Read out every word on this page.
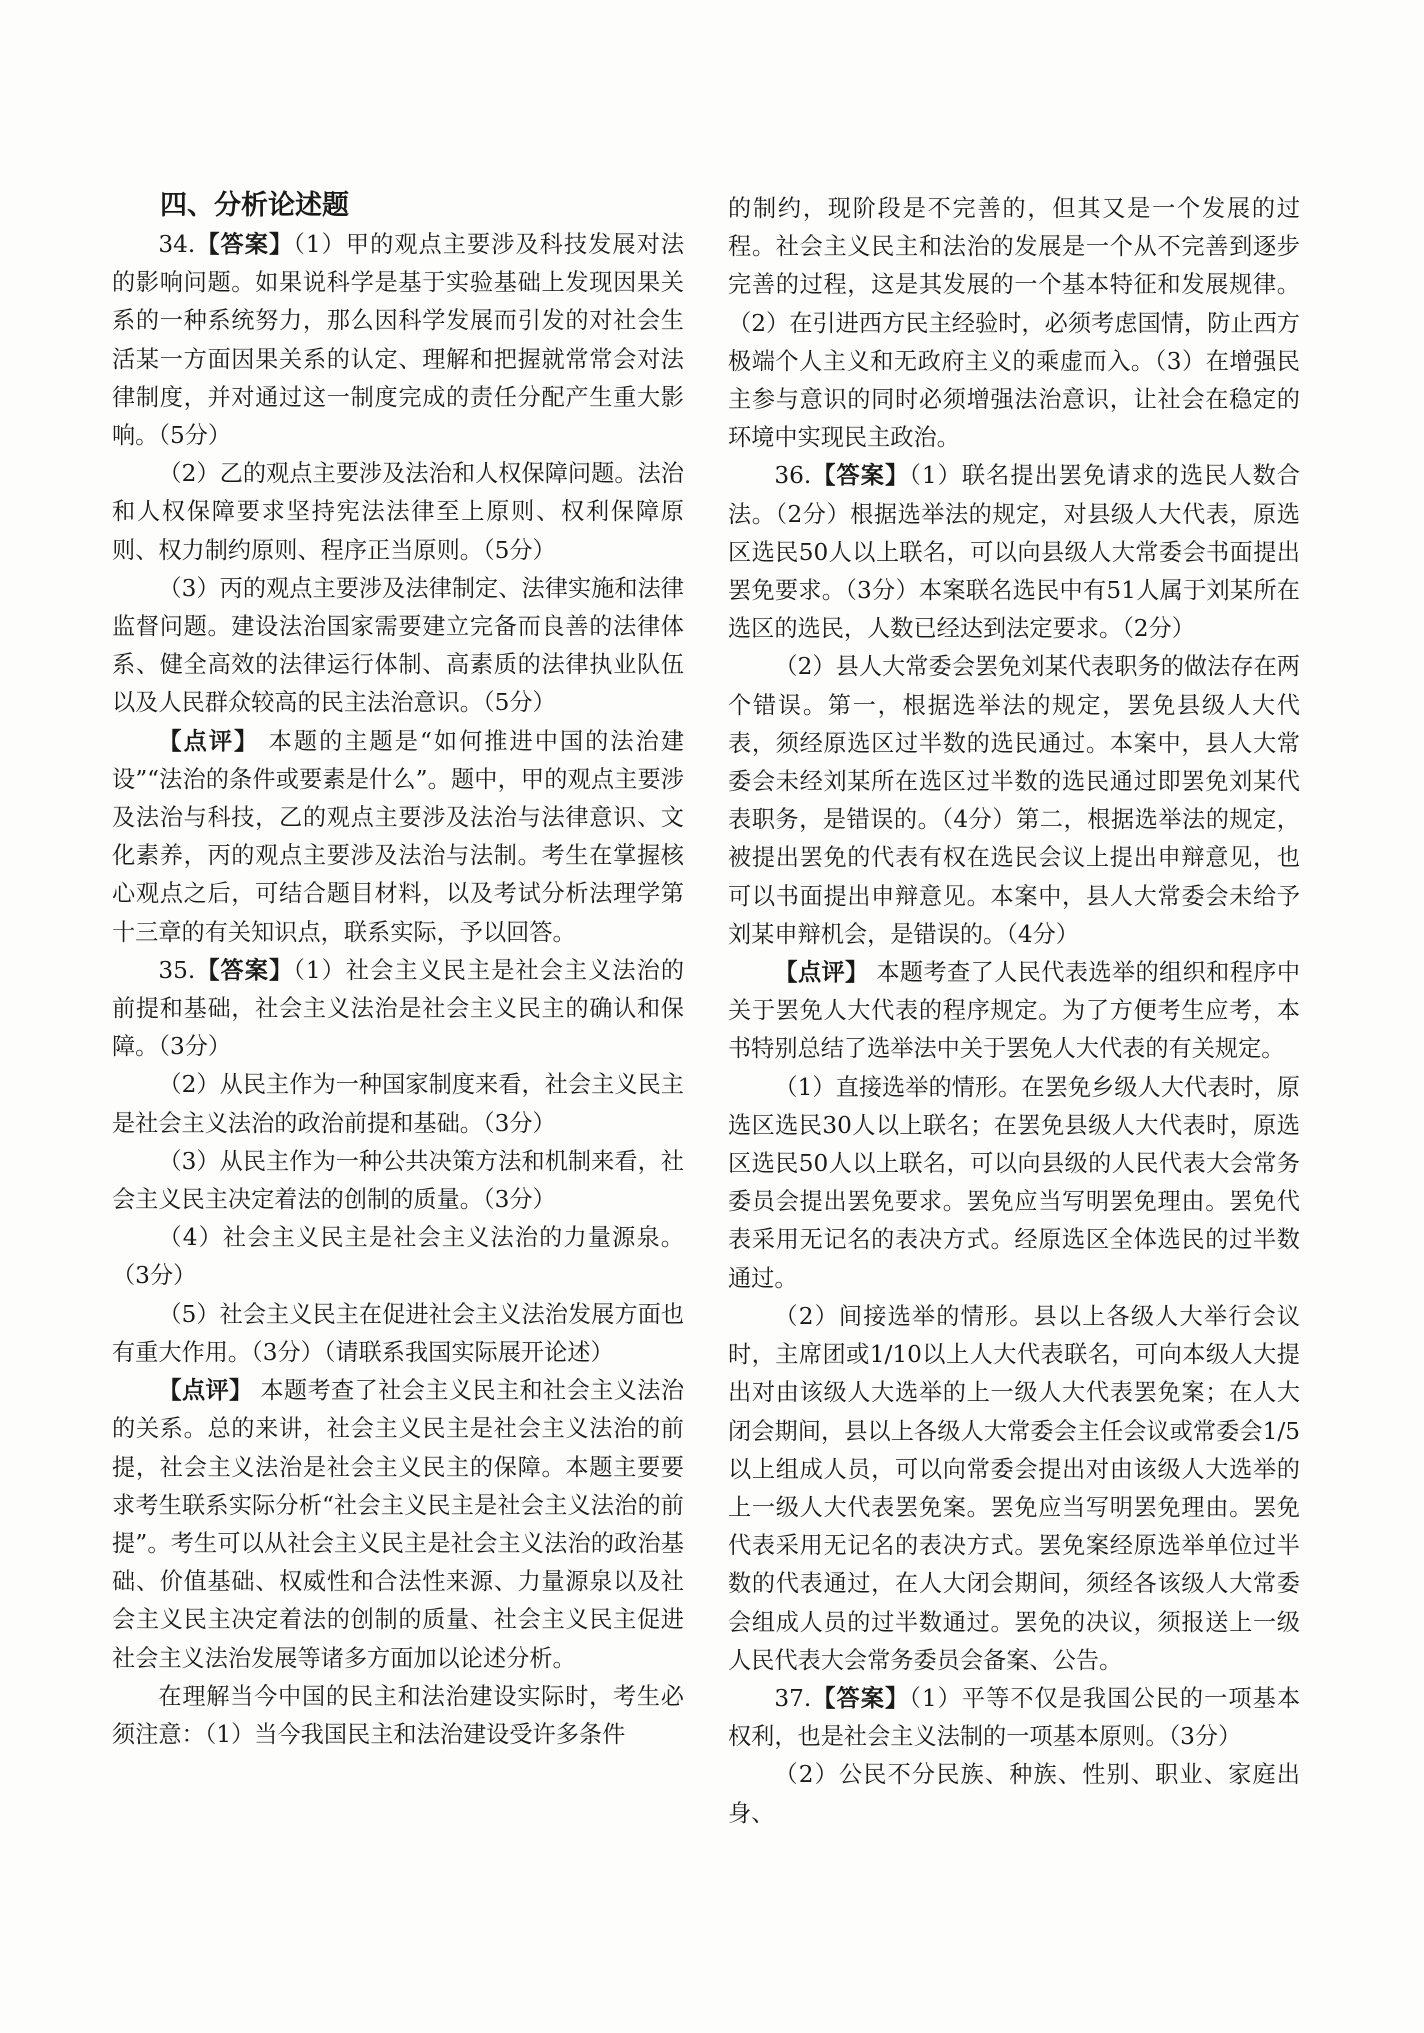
四、分析论述题

34.【答案】（1）甲的观点主要涉及科技发展对法的影响问题。如果说科学是基于实验基础上发现因果关系的一种系统努力，那么因科学发展而引发的对社会生活某一方面因果关系的认定、理解和把握就常常会对法律制度，并对通过这一制度完成的责任分配产生重大影响。（5分）

（2）乙的观点主要涉及法治和人权保障问题。法治和人权保障要求坚持宪法法律至上原则、权利保障原则、权力制约原则、程序正当原则。（5分）

（3）丙的观点主要涉及法律制定、法律实施和法律监督问题。建设法治国家需要建立完备而良善的法律体系、健全高效的法律运行体制、高素质的法律执业队伍以及人民群众较高的民主法治意识。（5分）

【点评】 本题的主题是“如何推进中国的法治建设”“法治的条件或要素是什么”。题中，甲的观点主要涉及法治与科技，乙的观点主要涉及法治与法律意识、文化素养，丙的观点主要涉及法治与法制。考生在掌握核心观点之后，可结合题目材料，以及考试分析法理学第十三章的有关知识点，联系实际，予以回答。

35.【答案】（1）社会主义民主是社会主义法治的前提和基础，社会主义法治是社会主义民主的确认和保障。（3分）

（2）从民主作为一种国家制度来看，社会主义民主是社会主义法治的政治前提和基础。（3分）

（3）从民主作为一种公共决策方法和机制来看，社会主义民主决定着法的创制的质量。（3分）

（4）社会主义民主是社会主义法治的力量源泉。（3分）

（5）社会主义民主在促进社会主义法治发展方面也有重大作用。（3分）（请联系我国实际展开论述）

【点评】 本题考查了社会主义民主和社会主义法治的关系。总的来讲，社会主义民主是社会主义法治的前提，社会主义法治是社会主义民主的保障。本题主要要求考生联系实际分析“社会主义民主是社会主义法治的前提”。考生可以从社会主义民主是社会主义法治的政治基础、价值基础、权威性和合法性来源、力量源泉以及社会主义民主决定着法的创制的质量、社会主义民主促进社会主义法治发展等诸多方面加以论述分析。

在理解当今中国的民主和法治建设实际时，考生必须注意：（1）当今我国民主和法治建设受许多条件

的制约，现阶段是不完善的，但其又是一个发展的过程。社会主义民主和法治的发展是一个从不完善到逐步完善的过程，这是其发展的一个基本特征和发展规律。（2）在引进西方民主经验时，必须考虑国情，防止西方极端个人主义和无政府主义的乘虚而入。（3）在增强民主参与意识的同时必须增强法治意识，让社会在稳定的环境中实现民主政治。

36.【答案】（1）联名提出罢免请求的选民人数合法。（2分）根据选举法的规定，对县级人大代表，原选区选民50人以上联名，可以向县级人大常委会书面提出罢免要求。（3分）本案联名选民中有51人属于刘某所在选区的选民，人数已经达到法定要求。（2分）

（2）县人大常委会罢免刘某代表职务的做法存在两个错误。第一，根据选举法的规定，罢免县级人大代表，须经原选区过半数的选民通过。本案中，县人大常委会未经刘某所在选区过半数的选民通过即罢免刘某代表职务，是错误的。（4分）第二，根据选举法的规定，被提出罢免的代表有权在选民会议上提出申辩意见，也可以书面提出申辩意见。本案中，县人大常委会未给予刘某申辩机会，是错误的。（4分）

【点评】 本题考查了人民代表选举的组织和程序中关于罢免人大代表的程序规定。为了方便考生应考，本书特别总结了选举法中关于罢免人大代表的有关规定。

（1）直接选举的情形。在罢免乡级人大代表时，原选区选民30人以上联名；在罢免县级人大代表时，原选区选民50人以上联名，可以向县级的人民代表大会常务委员会提出罢免要求。罢免应当写明罢免理由。罢免代表采用无记名的表决方式。经原选区全体选民的过半数通过。

（2）间接选举的情形。县以上各级人大举行会议时，主席团或1/10以上人大代表联名，可向本级人大提出对由该级人大选举的上一级人大代表罢免案；在人大闭会期间，县以上各级人大常委会主任会议或常委会1/5以上组成人员，可以向常委会提出对由该级人大选举的上一级人大代表罢免案。罢免应当写明罢免理由。罢免代表采用无记名的表决方式。罢免案经原选举单位过半数的代表通过，在人大闭会期间，须经各该级人大常委会组成人员的过半数通过。罢免的决议，须报送上一级人民代表大会常务委员会备案、公告。

37.【答案】（1）平等不仅是我国公民的一项基本权利，也是社会主义法制的一项基本原则。（3分）

（2）公民不分民族、种族、性别、职业、家庭出身、
